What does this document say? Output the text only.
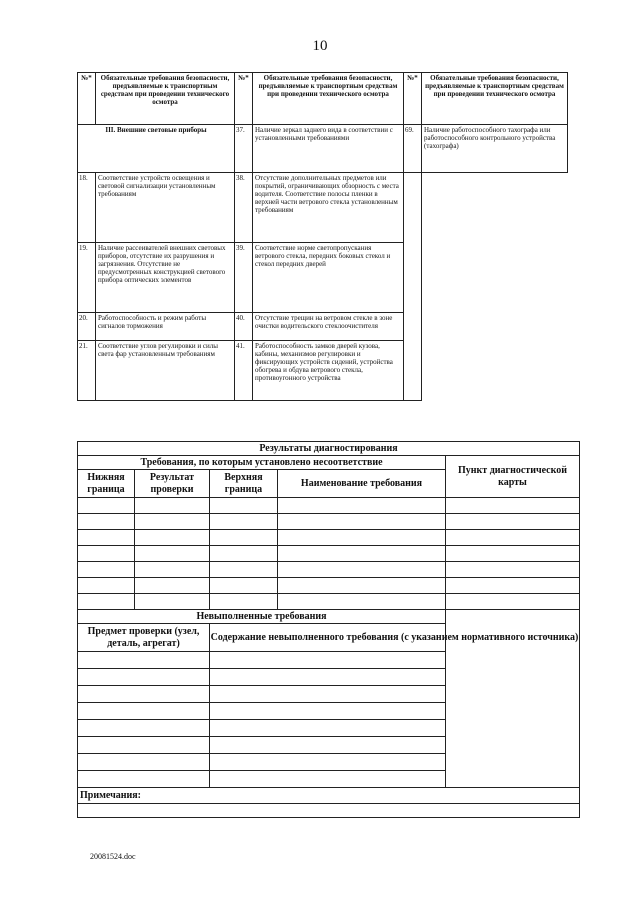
10
№*	Обязательные требования безопасности, предъявляемые к транспортным средствам при проведении технического осмотра	№*	Обязательные требования безопасности, предъявляемые к транспортным средствам при проведении технического осмотра	№*	Обязательные требования безопасности, предъявляемые к транспортным средствам при проведении технического осмотра
III. Внешние световые приборы		37.	Наличие зеркал заднего вида в соответствии с установленными требованиями	69.	Наличие работоспособного тахографа или работоспособного контрольного устройства (тахографа)
18.	Соответствие устройств освещения и световой сигнализации установленным требованиям	38.	Отсутствие дополнительных предметов или покрытий, ограничивающих обзорность с места водителя. Соответствие полосы пленки в верхней части ветрового стекла установленным требованиям		
19.	Наличие рассеивателей внешних световых приборов, отсутствие их разрушения и загрязнения. Отсутствие не предусмотренных конструкцией светового прибора оптических элементов	39.	Соответствие норме светопропускания ветрового стекла, передних боковых стекол и стекол передних дверей		
20.	Работоспособность и режим работы сигналов торможения	40.	Отсутствие трещин на ветровом стекле в зоне очистки водительского стеклоочистителя		
21.	Соответствие углов регулировки и силы света фар установленным требованиям	41.	Работоспособность замков дверей кузова, кабины, механизмов регулировки и фиксирующих устройств сидений, устройства обогрева и обдува ветрового стекла, противоугонного устройства		
Результаты диагностирования				
Требования, по которым установлено несоответствие				Пункт диагностической карты
Нижняя граница	Результат проверки	Верхняя граница	Наименование требования	

Невыполненные требования				
Предмет проверки (узел, деталь, агрегат)		Содержание невыполненного требования (с указанием нормативного источника)		

Примечания:				

20081524.doc
